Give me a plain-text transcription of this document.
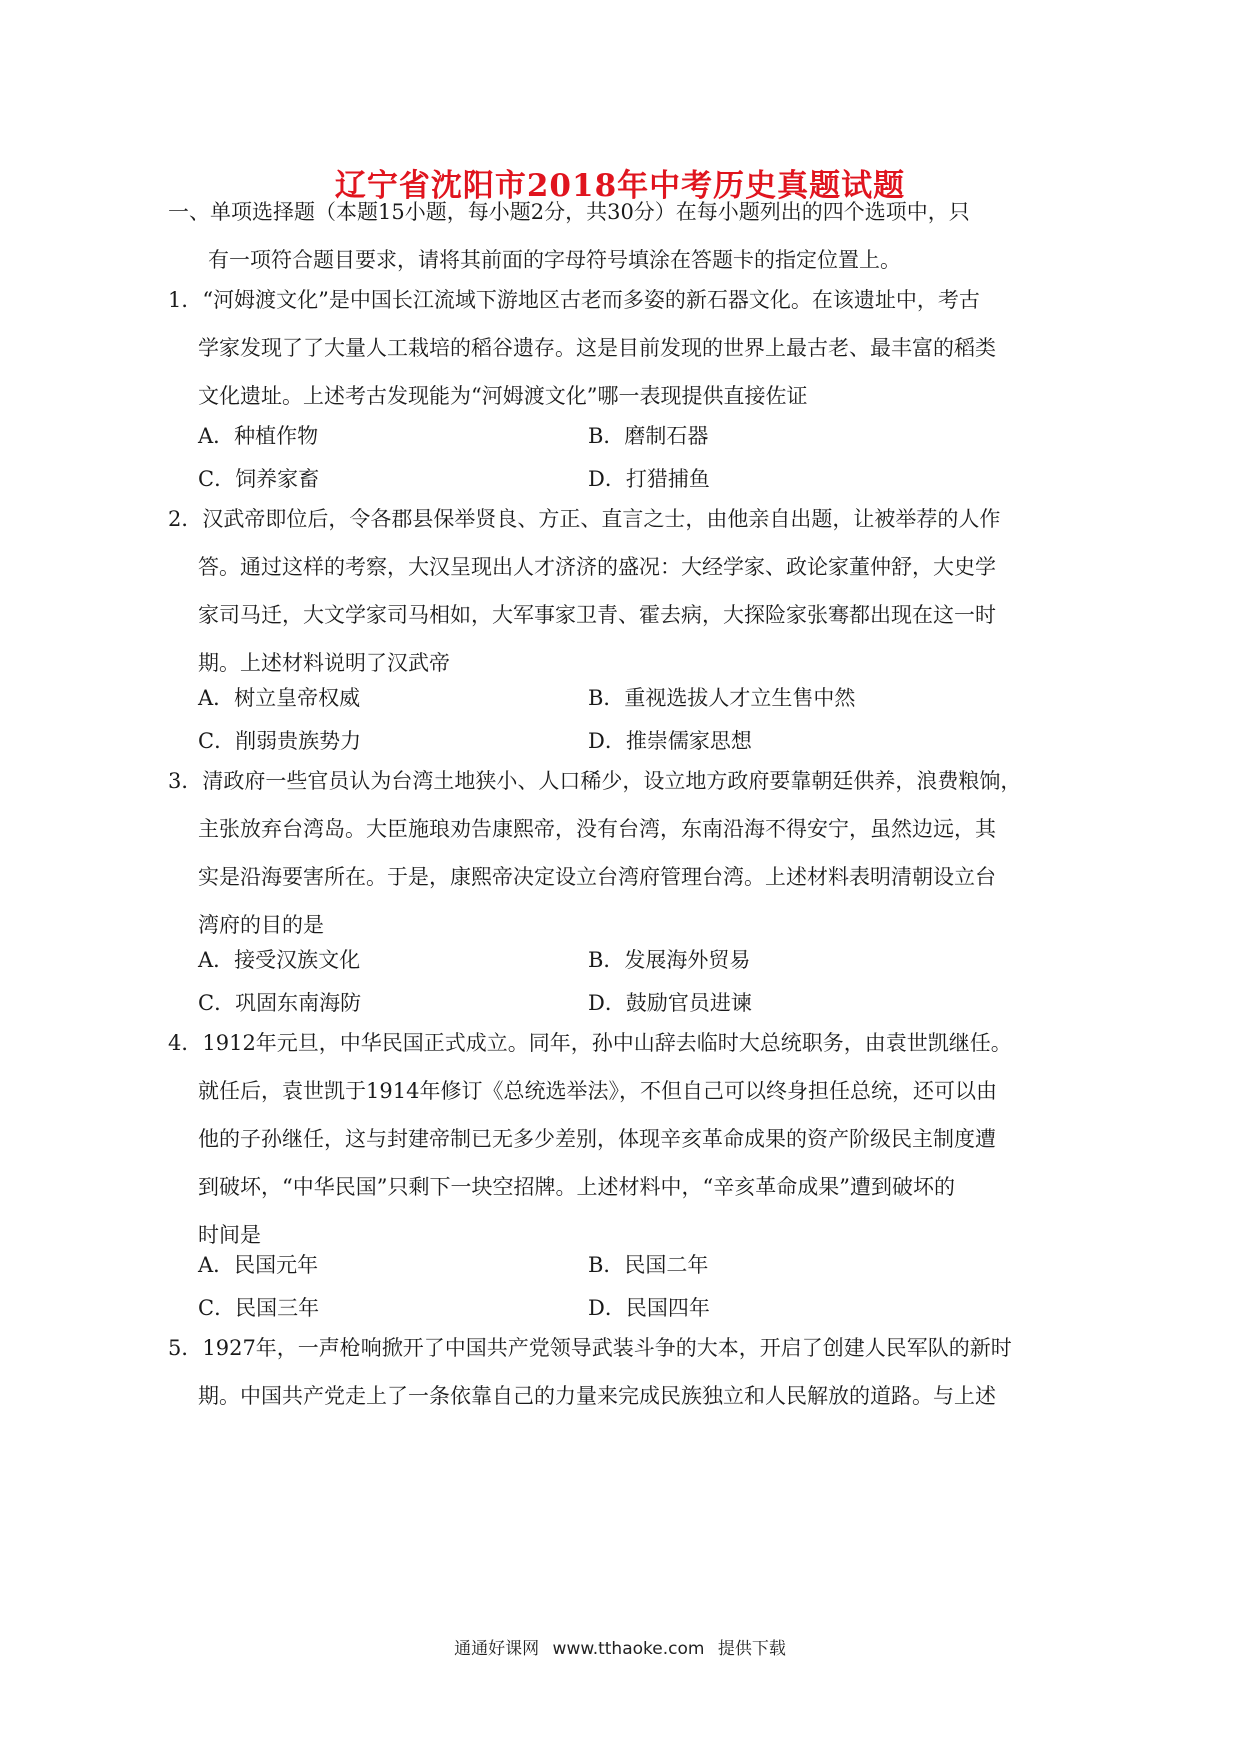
辽宁省沈阳市2018年中考历史真题试题
一、单项选择题（本题15小题，每小题2分，共30分）在每小题列出的四个选项中，只
有一项符合题目要求，请将其前面的字母符号填涂在答题卡的指定位置上。
1．“河姆渡文化”是中国长江流域下游地区古老而多姿的新石器文化。在该遗址中，考古
学家发现了了大量人工栽培的稻谷遗存。这是目前发现的世界上最古老、最丰富的稻类
文化遗址。上述考古发现能为“河姆渡文化”哪一表现提供直接佐证
A．种植作物	B．磨制石器
C．饲养家畜	D．打猎捕鱼
2．汉武帝即位后，令各郡县保举贤良、方正、直言之士，由他亲自出题，让被举荐的人作
答。通过这样的考察，大汉呈现出人才济济的盛况：大经学家、政论家董仲舒，大史学
家司马迁，大文学家司马相如，大军事家卫青、霍去病，大探险家张骞都出现在这一时
期。上述材料说明了汉武帝
A．树立皇帝权威	B．重视选拔人才立生售中然
C．削弱贵族势力	D．推崇儒家思想
3．清政府一些官员认为台湾土地狭小、人口稀少，设立地方政府要靠朝廷供养，浪费粮饷，
主张放弃台湾岛。大臣施琅劝告康熙帝，没有台湾，东南沿海不得安宁，虽然边远，其
实是沿海要害所在。于是，康熙帝决定设立台湾府管理台湾。上述材料表明清朝设立台
湾府的目的是
A．接受汉族文化	B．发展海外贸易
C．巩固东南海防	D．鼓励官员进谏
4．1912年元旦，中华民国正式成立。同年，孙中山辞去临时大总统职务，由袁世凯继任。
就任后，袁世凯于1914年修订《总统选举法》，不但自己可以终身担任总统，还可以由
他的子孙继任，这与封建帝制已无多少差别，体现辛亥革命成果的资产阶级民主制度遭
到破坏，“中华民国”只剩下一块空招牌。上述材料中，“辛亥革命成果”遭到破坏的
时间是
A．民国元年	B．民国二年
C．民国三年	D．民国四年
5．1927年，一声枪响掀开了中国共产党领导武装斗争的大本，开启了创建人民军队的新时
期。中国共产党走上了一条依靠自己的力量来完成民族独立和人民解放的道路。与上述
通通好课网 www.tthaoke.com 提供下载
